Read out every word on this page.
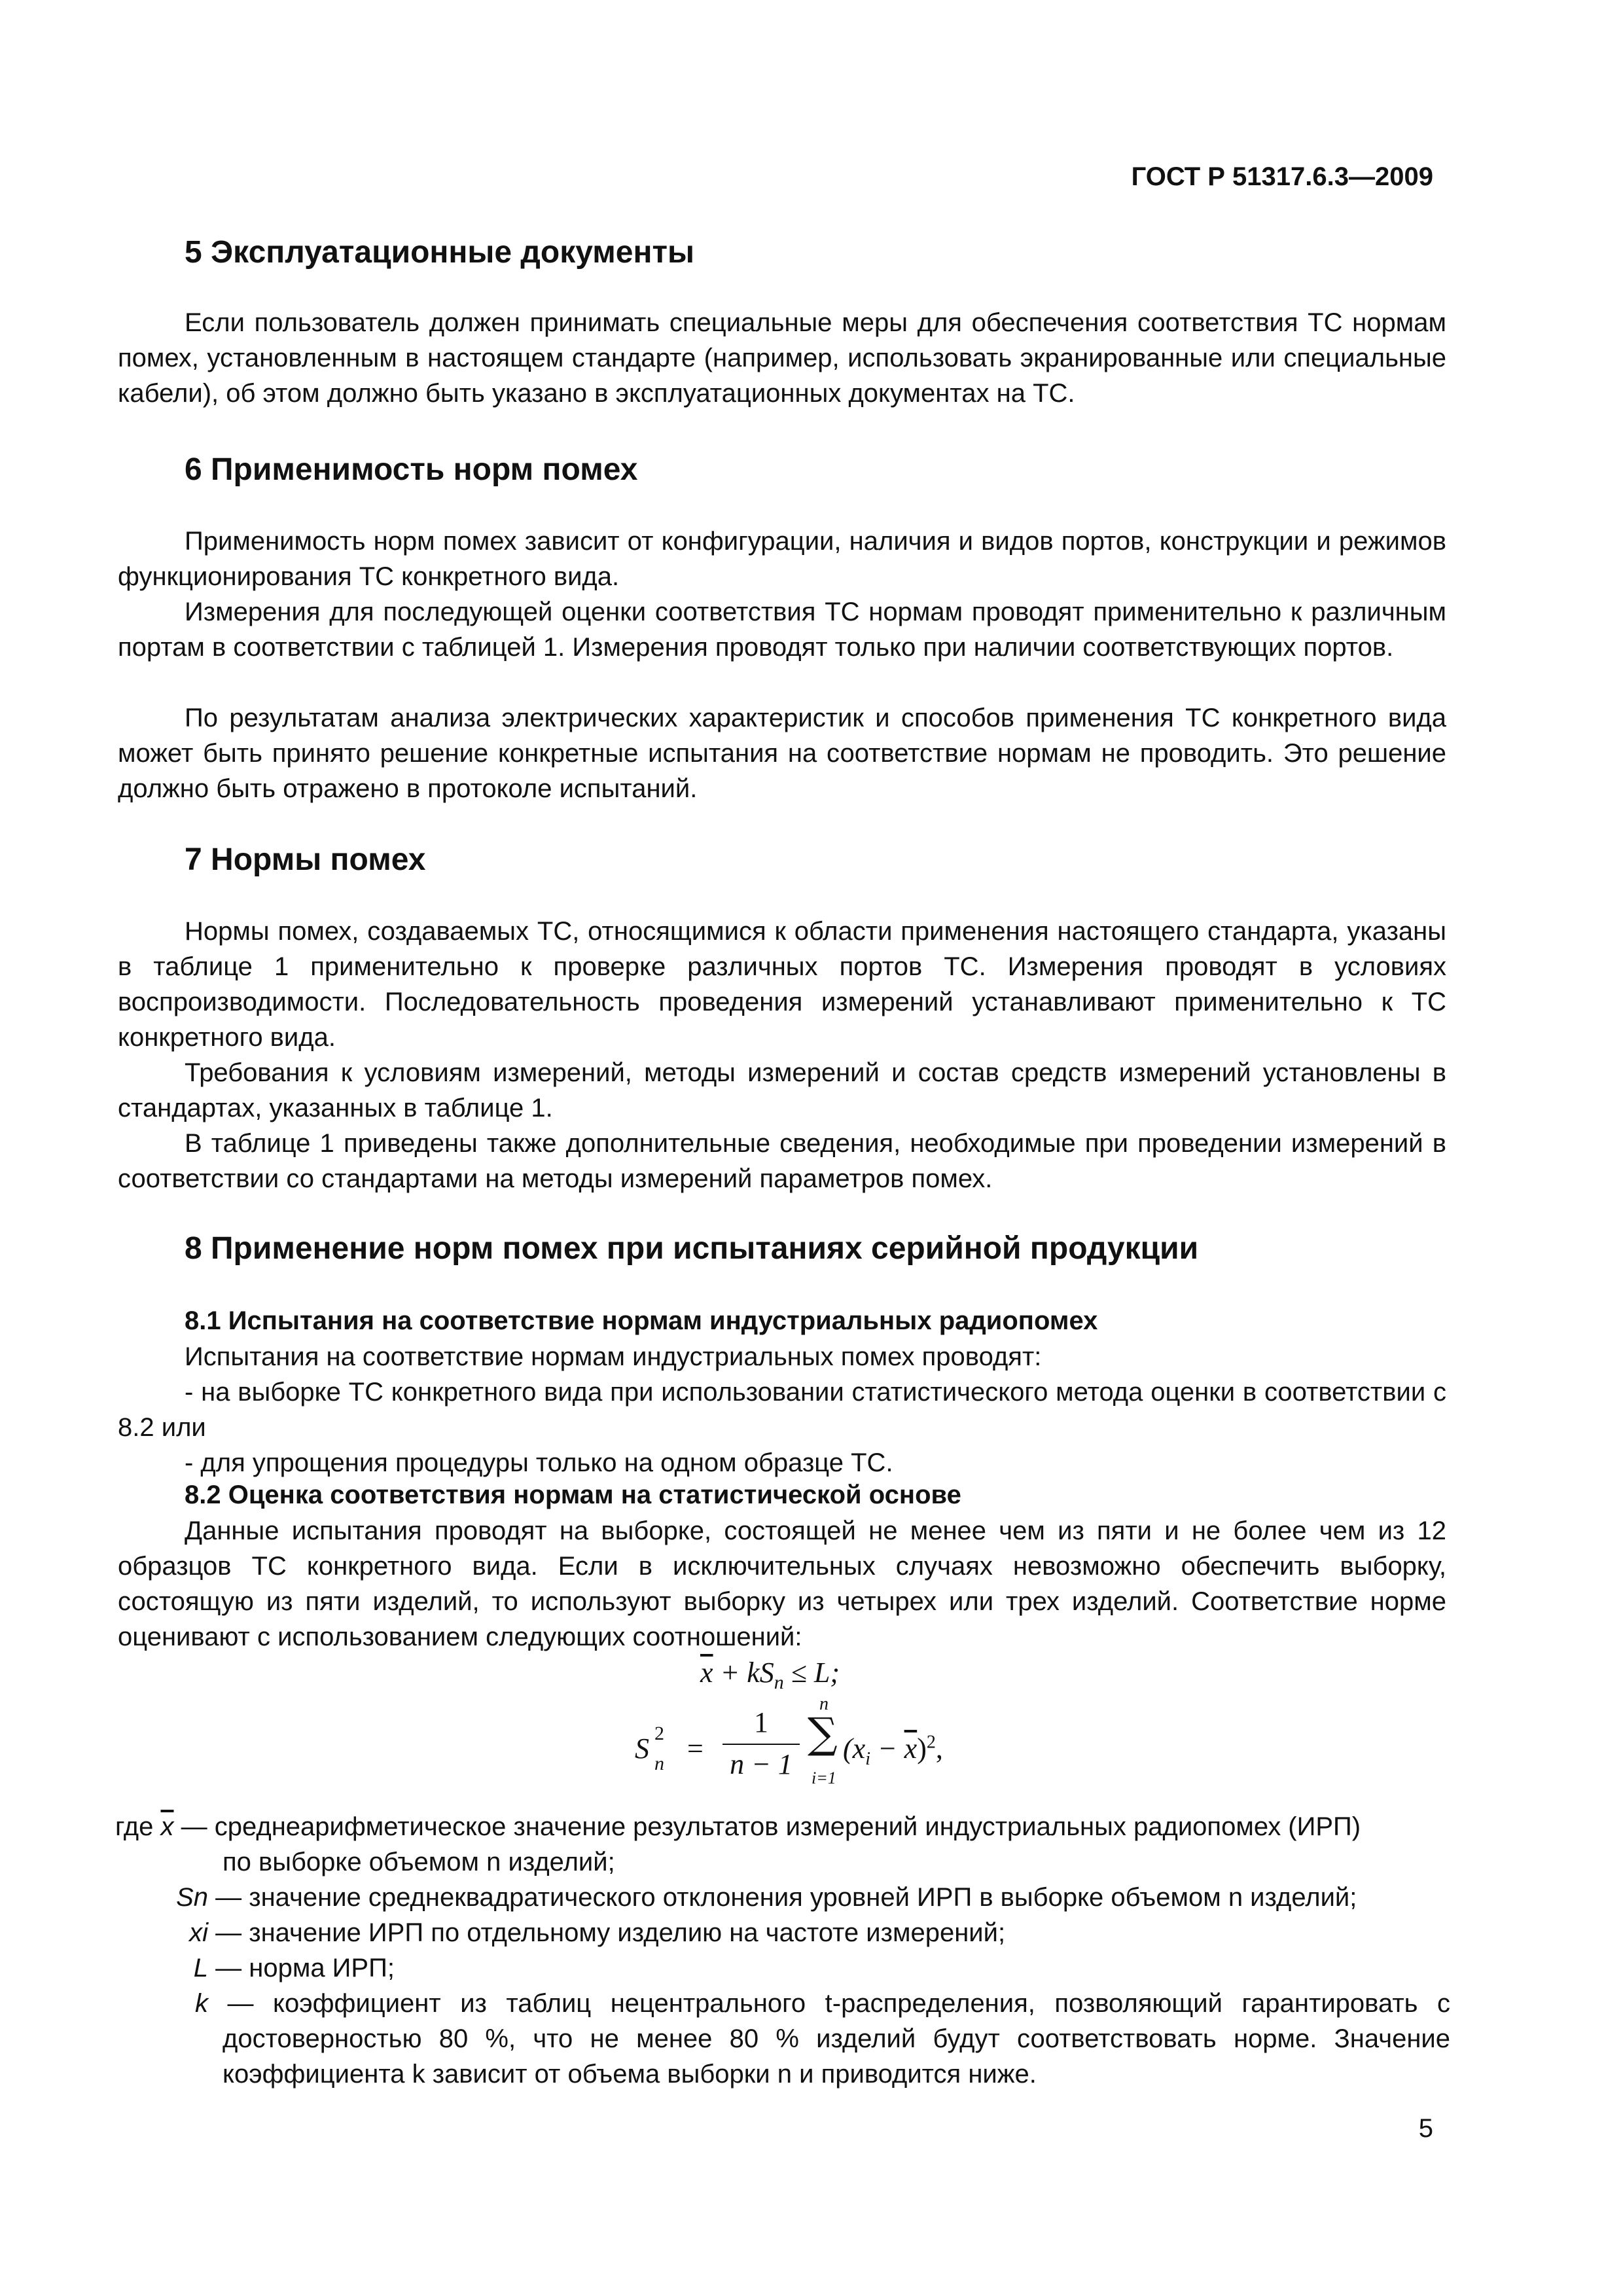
ГОСТ Р 51317.6.3—2009
5 Эксплуатационные документы

Если пользователь должен принимать специальные меры для обеспечения соответствия ТС нормам помех, установленным в настоящем стандарте (например, использовать экранированные или специальные кабели), об этом должно быть указано в эксплуатационных документах на ТС.

6 Применимость норм помех

Применимость норм помех зависит от конфигурации, наличия и видов портов, конструкции и режимов функционирования ТС конкретного вида.

Измерения для последующей оценки соответствия ТС нормам проводят применительно к различным портам в соответствии с таблицей 1. Измерения проводят только при наличии соответствующих портов.

По результатам анализа электрических характеристик и способов применения ТС конкретного вида может быть принято решение конкретные испытания на соответствие нормам не проводить. Это решение должно быть отражено в протоколе испытаний.

7 Нормы помех

Нормы помех, создаваемых ТС, относящимися к области применения настоящего стандарта, указаны в таблице 1 применительно к проверке различных портов ТС. Измерения проводят в условиях воспроизводимости. Последовательность проведения измерений устанавливают применительно к ТС конкретного вида.

Требования к условиям измерений, методы измерений и состав средств измерений установлены в стандартах, указанных в таблице 1.

В таблице 1 приведены также дополнительные сведения, необходимые при проведении измерений в соответствии со стандартами на методы измерений параметров помех.

8 Применение норм помех при испытаниях серийной продукции
8.1 Испытания на соответствие нормам индустриальных радиопомех

Испытания на соответствие нормам индустриальных помех проводят:

- на выборке ТС конкретного вида при использовании статистического метода оценки в соответствии с 8.2 или

- для упрощения процедуры только на одном образце ТС.

8.2 Оценка соответствия нормам на статистической основе

Данные испытания проводят на выборке, состоящей не менее чем из пяти и не более чем из 12 образцов ТС конкретного вида. Если в исключительных случаях невозможно обеспечить выборку, состоящую из пяти изделий, то используют выборку из четырех или трех изделий. Соответствие норме оценивают с использованием следующих соотношений:

$\overline{x} + kS_n \le L$;
S 2
n =
1
n − 1
n
∑
i=1
$(x_i - \overline{x})^2$,

где $\overline{x}$ — среднеарифметическое значение результатов измерений индустриальных радиопомех (ИРП)

по выборке объемом n изделий;

Sn — значение среднеквадратического отклонения уровней ИРП в выборке объемом n изделий;

xi — значение ИРП по отдельному изделию на частоте измерений;

L — норма ИРП;

k — коэффициент из таблиц нецентрального t-распределения, позволяющий гарантировать с достоверностью 80 %, что не менее 80 % изделий будут соответствовать норме. Значение коэффициента k зависит от объема выборки n и приводится ниже.

5
